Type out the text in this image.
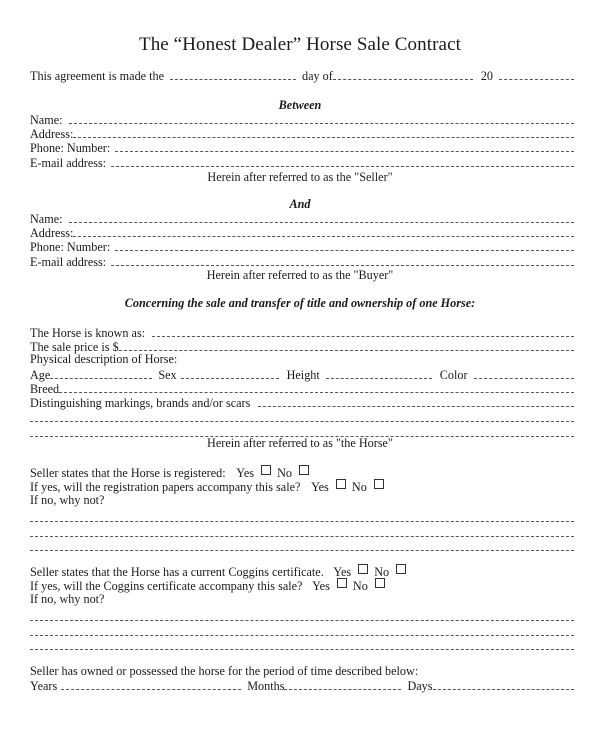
The “Honest Dealer” Horse Sale Contract
This agreement is made the	day of	20
Between
Name:
Address:
Phone: Number:
E-mail address:
Herein after referred to as the "Seller"
And
Name:
Address:
Phone: Number:
E-mail address:
Herein after referred to as the "Buyer"
Concerning the sale and transfer of title and ownership of one Horse:
The Horse is known as:
The sale price is $
Physical description of Horse:
Age	Sex	Height	Color
Breed
Distinguishing markings, brands and/or scars
Herein after referred to as "the Horse"
Seller states that the Horse is registered: Yes No
If yes, will the registration papers accompany this sale? Yes No
If no, why not?
Seller states that the Horse has a current Coggins certificate. Yes No
If yes, will the Coggins certificate accompany this sale? Yes No
If no, why not?
Seller has owned or possessed the horse for the period of time described below:
Years	Months	Days
